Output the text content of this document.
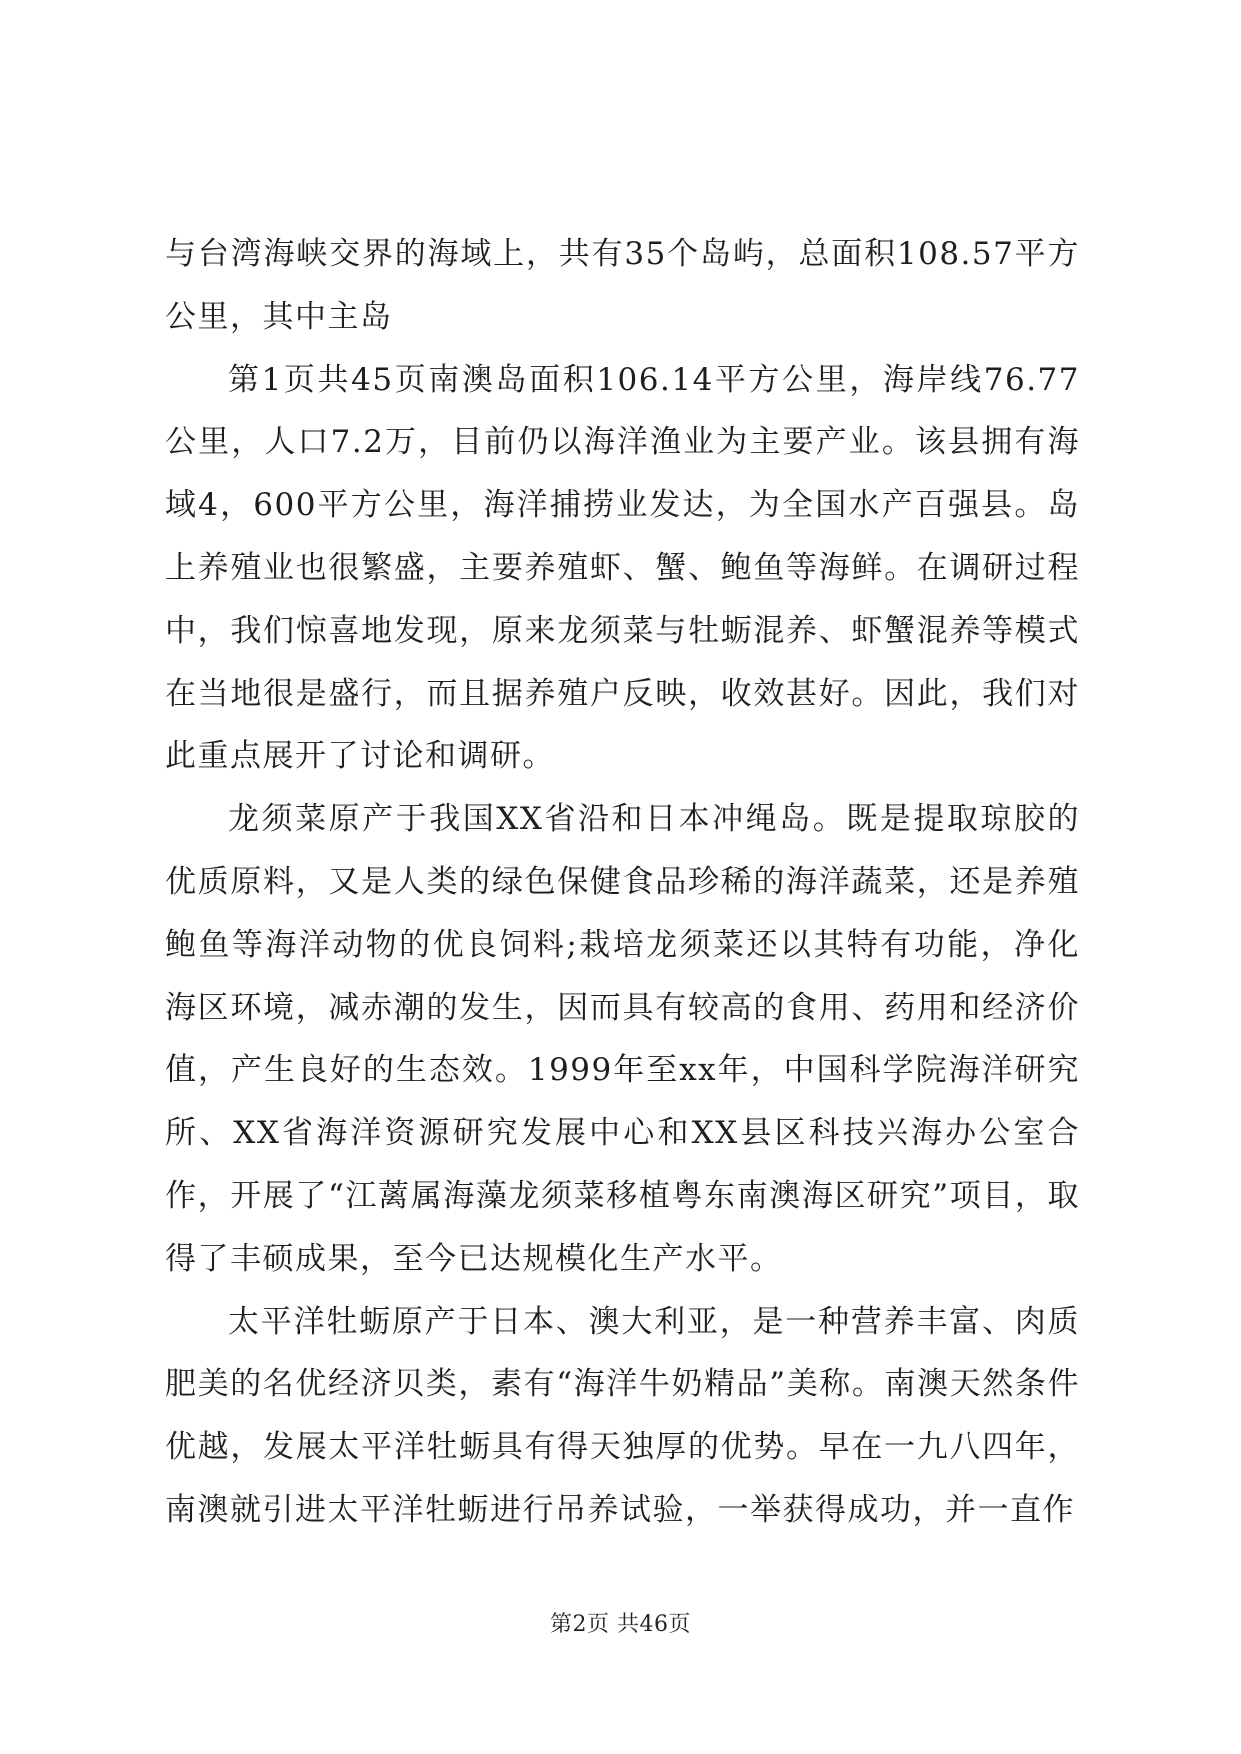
与台湾海峡交界的海域上，共有35个岛屿，总面积108.57平方公里，其中主岛

第1页共45页南澳岛面积106.14平方公里，海岸线76.77公里，人口7.2万，目前仍以海洋渔业为主要产业。该县拥有海域4，600平方公里，海洋捕捞业发达，为全国水产百强县。岛上养殖业也很繁盛，主要养殖虾、蟹、鲍鱼等海鲜。在调研过程中，我们惊喜地发现，原来龙须菜与牡蛎混养、虾蟹混养等模式在当地很是盛行，而且据养殖户反映，收效甚好。因此，我们对此重点展开了讨论和调研。

龙须菜原产于我国XX省沿和日本冲绳岛。既是提取琼胶的优质原料，又是人类的绿色保健食品珍稀的海洋蔬菜，还是养殖鲍鱼等海洋动物的优良饲料;栽培龙须菜还以其特有功能，净化海区环境，减赤潮的发生，因而具有较高的食用、药用和经济价值，产生良好的生态效。1999年至xx年，中国科学院海洋研究所、XX省海洋资源研究发展中心和XX县区科技兴海办公室合作，开展了“江蓠属海藻龙须菜移植粤东南澳海区研究”项目，取得了丰硕成果，至今已达规模化生产水平。

太平洋牡蛎原产于日本、澳大利亚，是一种营养丰富、肉质肥美的名优经济贝类，素有“海洋牛奶精品”美称。南澳天然条件优越，发展太平洋牡蛎具有得天独厚的优势。早在一九八四年，南澳就引进太平洋牡蛎进行吊养试验，一举获得成功，并一直作

第2页 共46页
